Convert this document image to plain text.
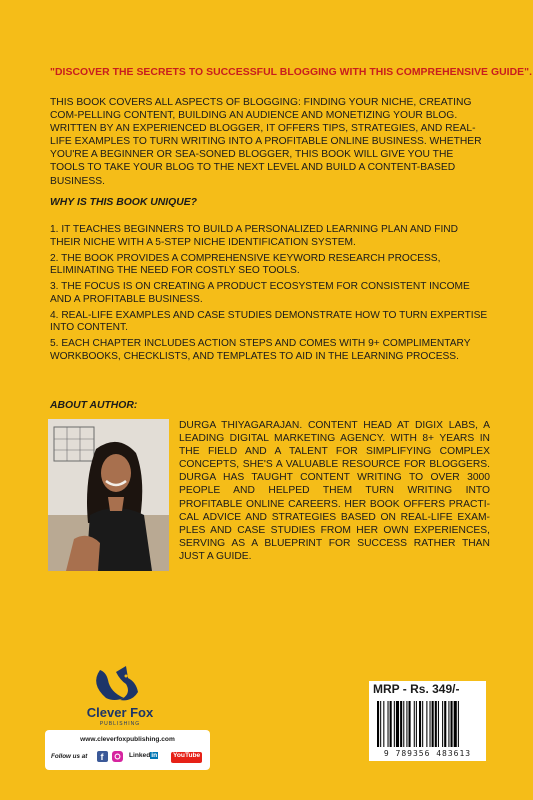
"DISCOVER THE SECRETS TO SUCCESSFUL BLOGGING WITH THIS COMPREHENSIVE GUIDE".
THIS BOOK COVERS ALL ASPECTS OF BLOGGING: FINDING YOUR NICHE, CREATING COM-PELLING CONTENT, BUILDING AN AUDIENCE AND MONETIZING YOUR BLOG. WRITTEN BY AN EXPERIENCED BLOGGER, IT OFFERS TIPS, STRATEGIES, AND REAL-LIFE EXAMPLES TO TURN WRITING INTO A PROFITABLE ONLINE BUSINESS. WHETHER YOU'RE A BEGINNER OR SEA-SONED BLOGGER, THIS BOOK WILL GIVE YOU THE TOOLS TO TAKE YOUR BLOG TO THE NEXT LEVEL AND BUILD A CONTENT-BASED BUSINESS.
WHY IS THIS BOOK UNIQUE?
1. IT TEACHES BEGINNERS TO BUILD A PERSONALIZED LEARNING PLAN AND FIND THEIR NICHE WITH A 5-STEP NICHE IDENTIFICATION SYSTEM.
2. THE BOOK PROVIDES A COMPREHENSIVE KEYWORD RESEARCH PROCESS, ELIMINATING THE NEED FOR COSTLY SEO TOOLS.
3. THE FOCUS IS ON CREATING A PRODUCT ECOSYSTEM FOR CONSISTENT INCOME AND A PROFITABLE BUSINESS.
4. REAL-LIFE EXAMPLES AND CASE STUDIES DEMONSTRATE HOW TO TURN EXPERTISE INTO CONTENT.
5. EACH CHAPTER INCLUDES ACTION STEPS AND COMES WITH 9+ COMPLIMENTARY WORKBOOKS, CHECKLISTS, AND TEMPLATES TO AID IN THE LEARNING PROCESS.
ABOUT AUTHOR:
DURGA THIYAGARAJAN. CONTENT HEAD AT DIGIX LABS, A LEADING DIGITAL MARKETING AGENCY. WITH 8+ YEARS IN THE FIELD AND A TALENT FOR SIMPLIFYING COMPLEX CONCEPTS, SHE'S A VALUABLE RESOURCE FOR BLOGGERS. DURGA HAS TAUGHT CONTENT WRITING TO OVER 3000 PEOPLE AND HELPED THEM TURN WRITING INTO PROFITABLE ONLINE CAREERS. HER BOOK OFFERS PRACTI-CAL ADVICE AND STRATEGIES BASED ON REAL-LIFE EXAM-PLES AND CASE STUDIES FROM HER OWN EXPERIENCES, SERVING AS A BLUEPRINT FOR SUCCESS RATHER THAN JUST A GUIDE.
Clever Fox
PUBLISHING
www.cleverfoxpublishing.com
Follow us at f	Linkedin	YouTube
MRP - Rs. 349/-
9 789356 483613
